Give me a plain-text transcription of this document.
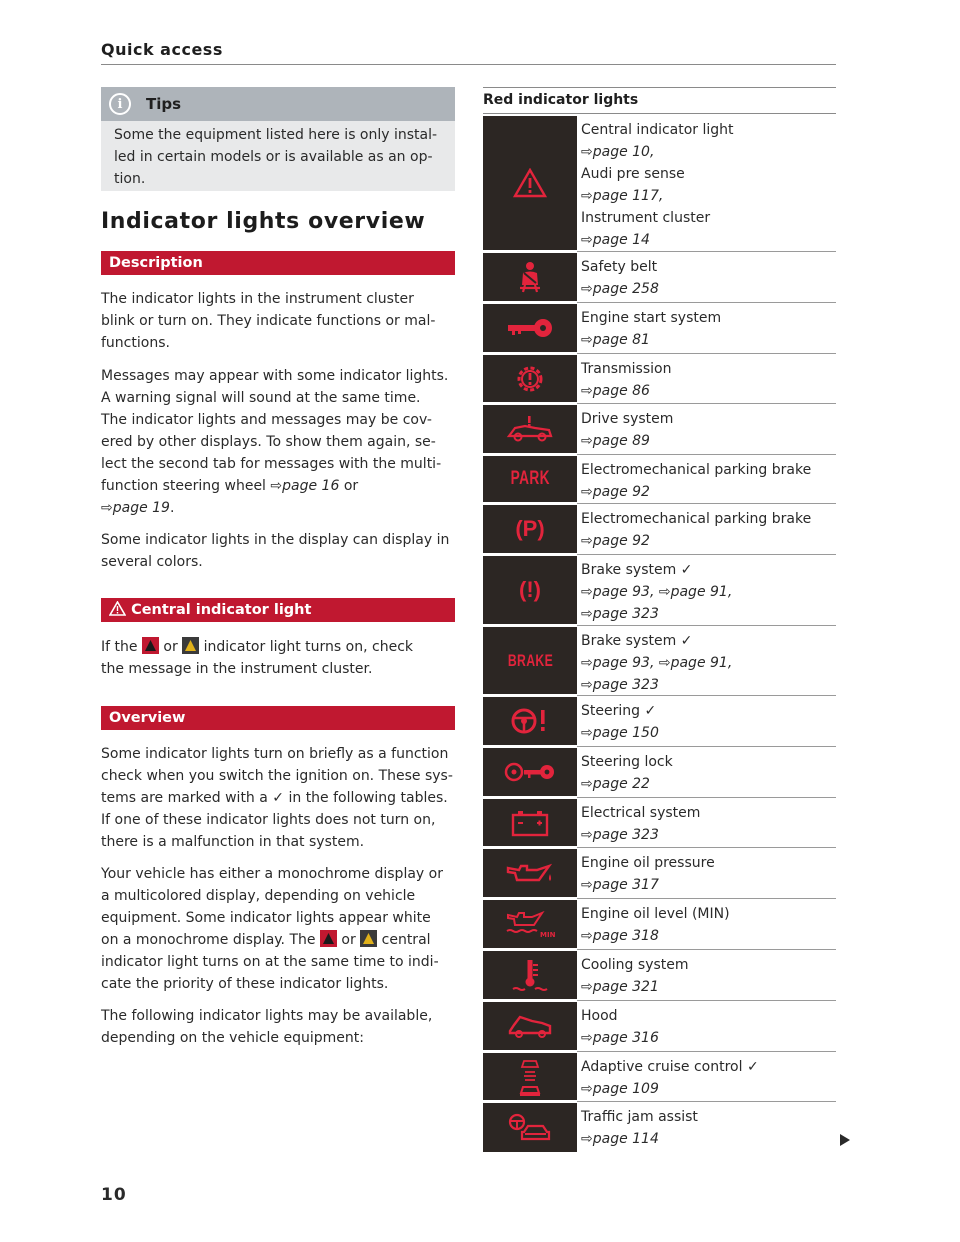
Quick access
i	Tips
Some the equipment listed here is only instal-
led in certain models or is available as an op-
tion.
Indicator lights overview
Description
The indicator lights in the instrument cluster
blink or turn on. They indicate functions or mal-
functions.
Messages may appear with some indicator lights.
A warning signal will sound at the same time.
The indicator lights and messages may be cov-
ered by other displays. To show them again, se-
lect the second tab for messages with the multi-
function steering wheel ⇨page 16 or
⇨page 19.
Some indicator lights in the display can display in
several colors.
Central indicator light
If the
or
indicator light turns on, check
the message in the instrument cluster.
Overview
Some indicator lights turn on briefly as a function
check when you switch the ignition on. These sys-
tems are marked with a ✓ in the following tables.
If one of these indicator lights does not turn on,
there is a malfunction in that system.
Your vehicle has either a monochrome display or
a multicolored display, depending on vehicle
equipment. Some indicator lights appear white
on a monochrome display. The
or
central
indicator light turns on at the same time to indi-
cate the priority of these indicator lights.
The following indicator lights may be available,
depending on the vehicle equipment:
10
Red indicator lights
Central indicator light
⇨page 10,
Audi pre sense
⇨page 117,
Instrument cluster
⇨page 14
Safety belt
⇨page 258
Engine start system
⇨page 81
Transmission
⇨page 86
Drive system
⇨page 89
PARK Electromechanical parking brake
⇨page 92
(P)	Electromechanical parking brake
⇨page 92
(!)
Brake system ✓
⇨page 93, ⇨page 91,
⇨page 323
BRAKE
Brake system ✓
⇨page 93, ⇨page 91,
⇨page 323
Steering ✓
⇨page 150
Steering lock
⇨page 22
Electrical system
⇨page 323
Engine oil pressure
⇨page 317
MIN
Engine oil level (MIN)
⇨page 318
Cooling system
⇨page 321
Hood
⇨page 316
Adaptive cruise control ✓
⇨page 109
Traffic jam assist
⇨page 114
